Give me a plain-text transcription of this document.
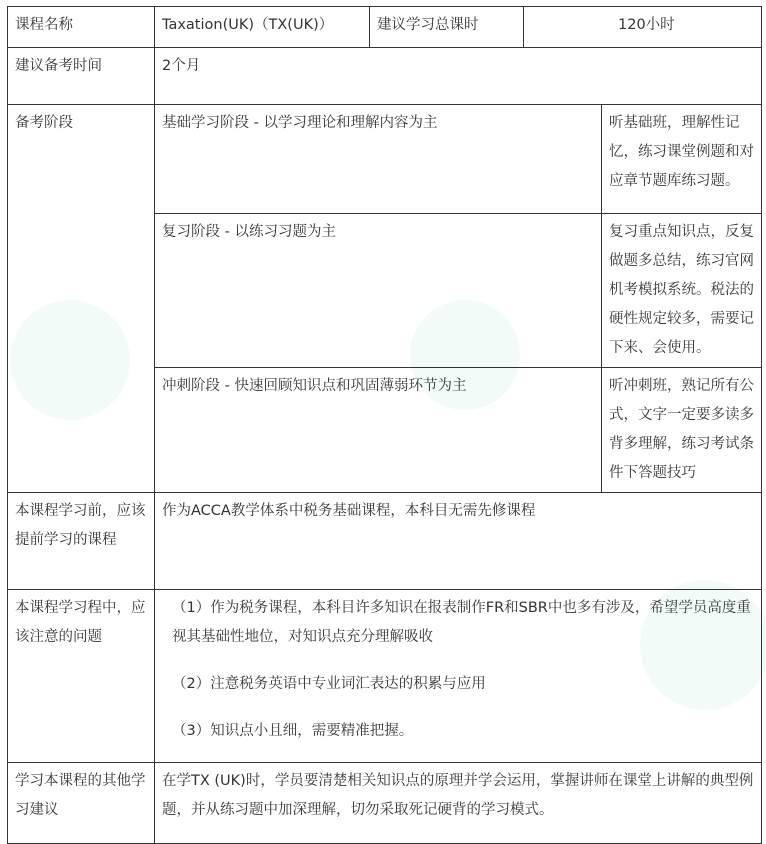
课程名称	Taxation(UK)（TX(UK)）	建议学习总课时	120小时	
建议备考时间	2个月			
备考阶段	基础学习阶段 - 以学习理论和理解内容为主			听基础班，理解性记忆，练习课堂例题和对应章节题库练习题。
	复习阶段 - 以练习习题为主			复习重点知识点，反复做题多总结，练习官网机考模拟系统。税法的硬性规定较多，需要记下来、会使用。
	冲刺阶段 - 快速回顾知识点和巩固薄弱环节为主			听冲刺班，熟记所有公式，文字一定要多读多背多理解，练习考试条件下答题技巧
本课程学习前，应该提前学习的课程	作为ACCA教学体系中税务基础课程，本科目无需先修课程			
本课程学习程中，应该注意的问题	（1）作为税务课程，本科目许多知识在报表制作FR和SBR中也多有涉及，希望学员高度重视其基础性地位，对知识点充分理解吸收

（2）注意税务英语中专业词汇表达的积累与应用

（3）知识点小且细，需要精准把握。			

学习本课程的其他学习建议	在学TX (UK)时，学员要清楚相关知识点的原理并学会运用，掌握讲师在课堂上讲解的典型例题，并从练习题中加深理解，切勿采取死记硬背的学习模式。			
